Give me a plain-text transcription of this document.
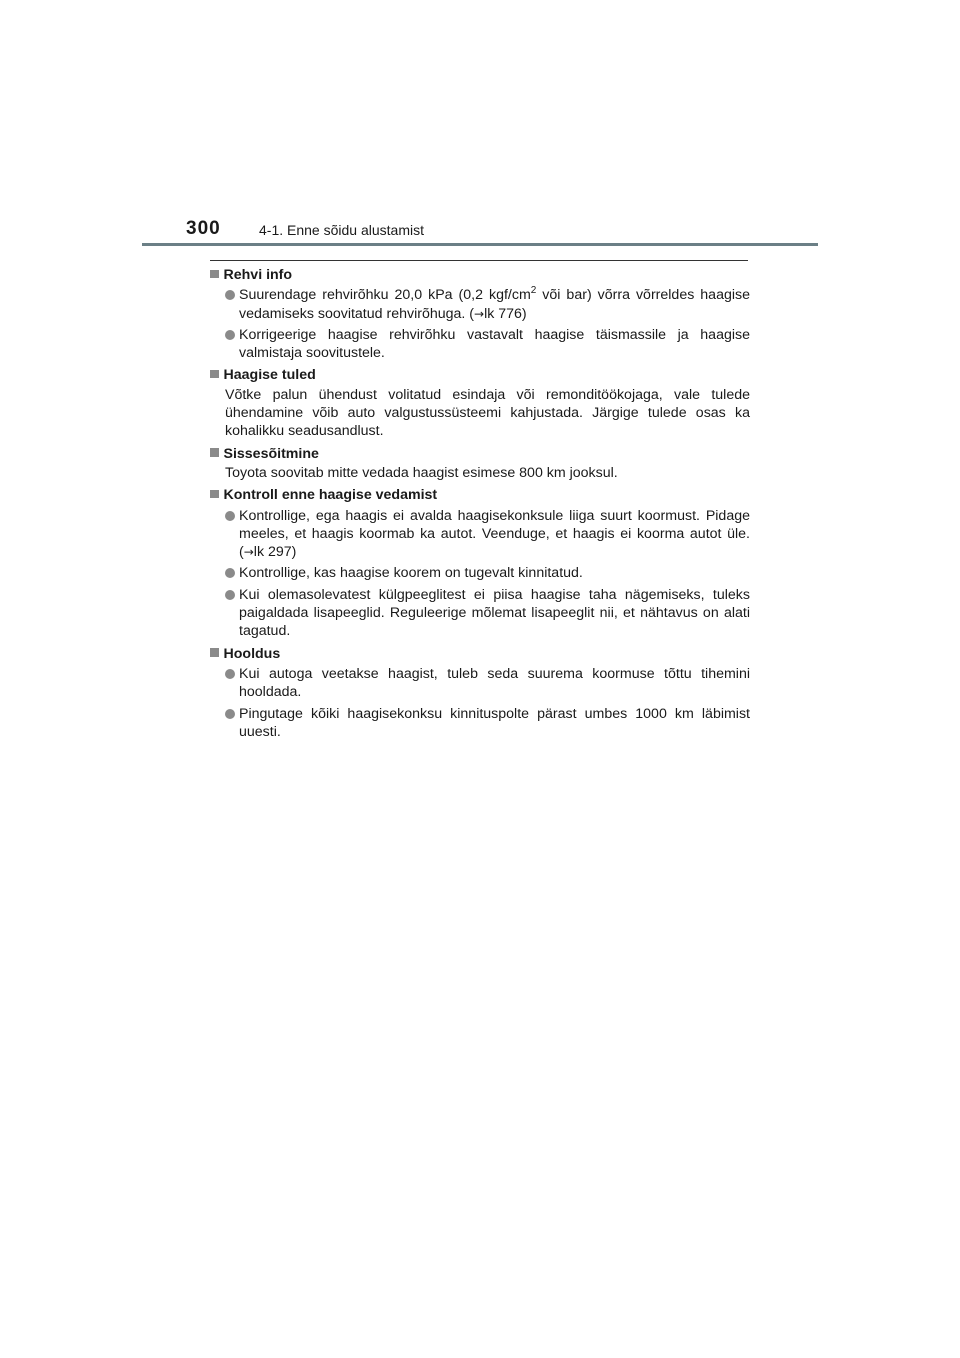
300	4-1. Enne sõidu alustamist
Rehvi info
Suurendage rehvirõhku 20,0 kPa (0,2 kgf/$cm^2$ või bar) võrra võrreldes haagise vedamiseks soovitatud rehvirõhuga. (→lk 776)
Korrigeerige haagise rehvirõhku vastavalt haagise täismassile ja haagise valmistaja soovitustele.
Haagise tuled
Võtke palun ühendust volitatud esindaja või remonditöökojaga, vale tulede ühendamine võib auto valgustussüsteemi kahjustada. Järgige tulede osas ka kohalikku seadusandlust.
Sissesõitmine
Toyota soovitab mitte vedada haagist esimese 800 km jooksul.
Kontroll enne haagise vedamist
Kontrollige, ega haagis ei avalda haagisekonksule liiga suurt koormust. Pidage meeles, et haagis koormab ka autot. Veenduge, et haagis ei koorma autot üle. (→lk 297)
Kontrollige, kas haagise koorem on tugevalt kinnitatud.
Kui olemasolevatest külgpeeglitest ei piisa haagise taha nägemiseks, tuleks paigaldada lisapeeglid. Reguleerige mõlemat lisapeeglit nii, et nähtavus on alati tagatud.
Hooldus
Kui autoga veetakse haagist, tuleb seda suurema koormuse tõttu tihemini hooldada.
Pingutage kõiki haagisekonksu kinnituspolte pärast umbes 1000 km läbimist uuesti.
